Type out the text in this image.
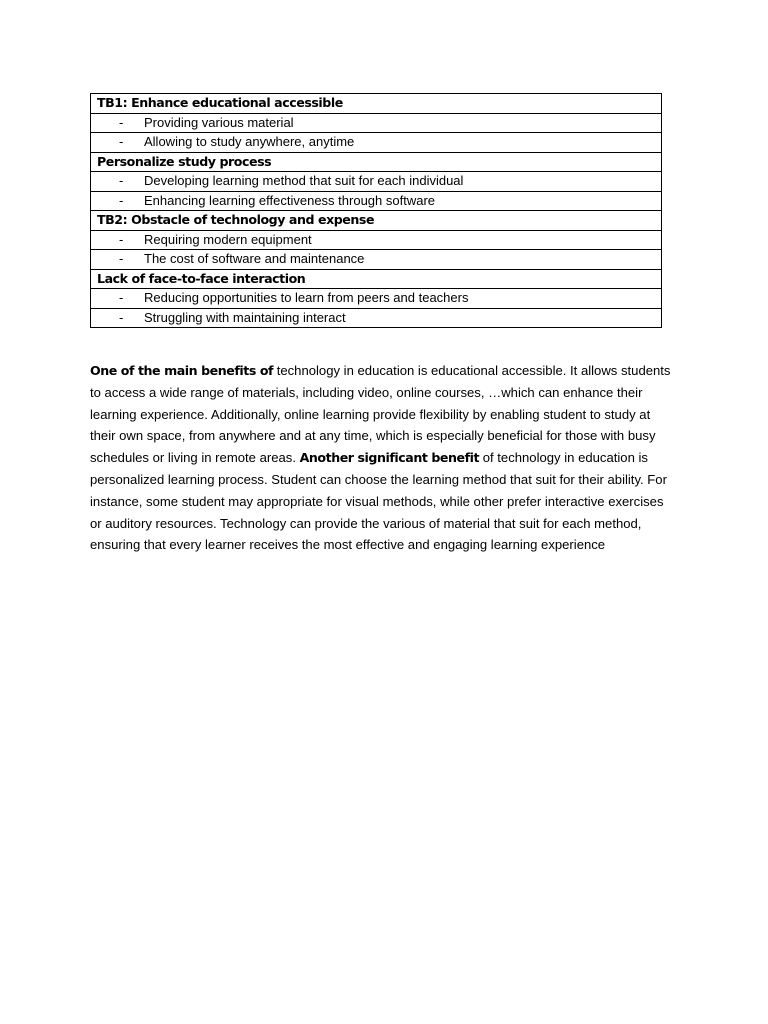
TB1: Enhance educational accessible
- Providing various material
- Allowing to study anywhere, anytime
Personalize study process
- Developing learning method that suit for each individual
- Enhancing learning effectiveness through software
TB2: Obstacle of technology and expense
- Requiring modern equipment
- The cost of software and maintenance
Lack of face-to-face interaction
- Reducing opportunities to learn from peers and teachers
- Struggling with maintaining interact

One of the main benefits of technology in education is educational accessible. It allows students to access a wide range of materials, including video, online courses, …which can enhance their learning experience. Additionally, online learning provide flexibility by enabling student to study at their own space, from anywhere and at any time, which is especially beneficial for those with busy schedules or living in remote areas. Another significant benefit of technology in education is personalized learning process. Student can choose the learning method that suit for their ability. For instance, some student may appropriate for visual methods, while other prefer interactive exercises or auditory resources. Technology can provide the various of material that suit for each method, ensuring that every learner receives the most effective and engaging learning experience
